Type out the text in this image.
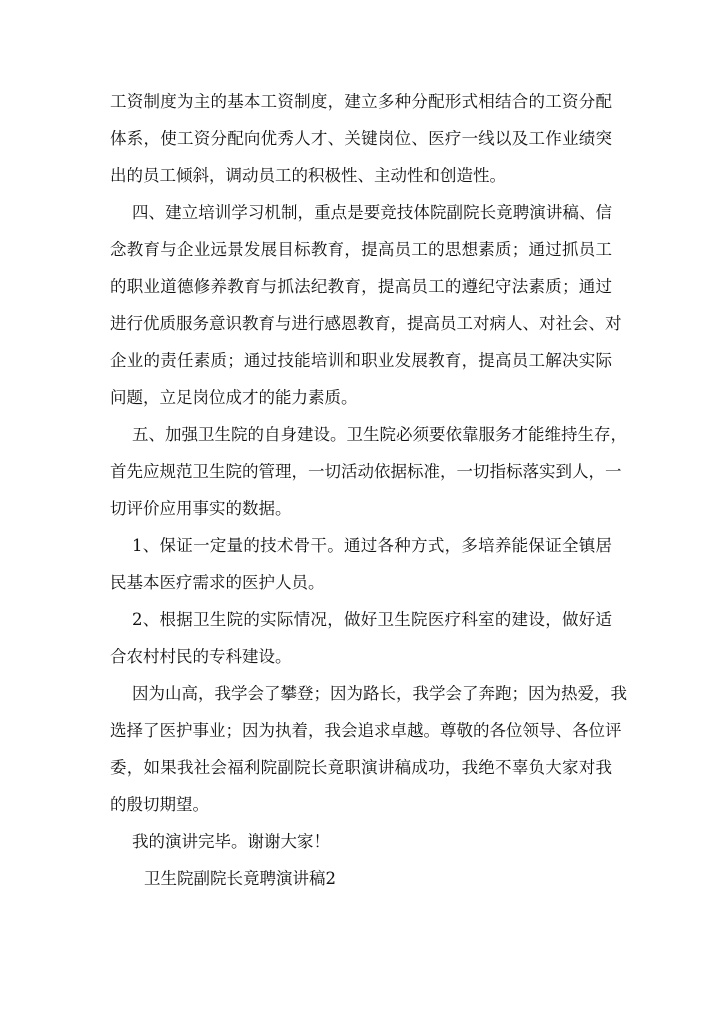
工资制度为主的基本工资制度，建立多种分配形式相结合的工资分配

体系，使工资分配向优秀人才、关键岗位、医疗一线以及工作业绩突

出的员工倾斜，调动员工的积极性、主动性和创造性。

四、建立培训学习机制，重点是要竞技体院副院长竟聘演讲稿、信

念教育与企业远景发展目标教育，提高员工的思想素质；通过抓员工

的职业道德修养教育与抓法纪教育，提高员工的遵纪守法素质；通过

进行优质服务意识教育与进行感恩教育，提高员工对病人、对社会、对

企业的责任素质；通过技能培训和职业发展教育，提高员工解决实际

问题，立足岗位成才的能力素质。

五、加强卫生院的自身建设。卫生院必须要依靠服务才能维持生存，

首先应规范卫生院的管理，一切活动依据标准，一切指标落实到人，一

切评价应用事实的数据。

1、保证一定量的技术骨干。通过各种方式，多培养能保证全镇居

民基本医疗需求的医护人员。

2、根据卫生院的实际情况，做好卫生院医疗科室的建设，做好适

合农村村民的专科建设。

因为山高，我学会了攀登；因为路长，我学会了奔跑；因为热爱，我

选择了医护事业；因为执着，我会追求卓越。尊敬的各位领导、各位评

委，如果我社会福利院副院长竟职演讲稿成功，我绝不辜负大家对我

的殷切期望。

我的演讲完毕。谢谢大家！

卫生院副院长竟聘演讲稿2
